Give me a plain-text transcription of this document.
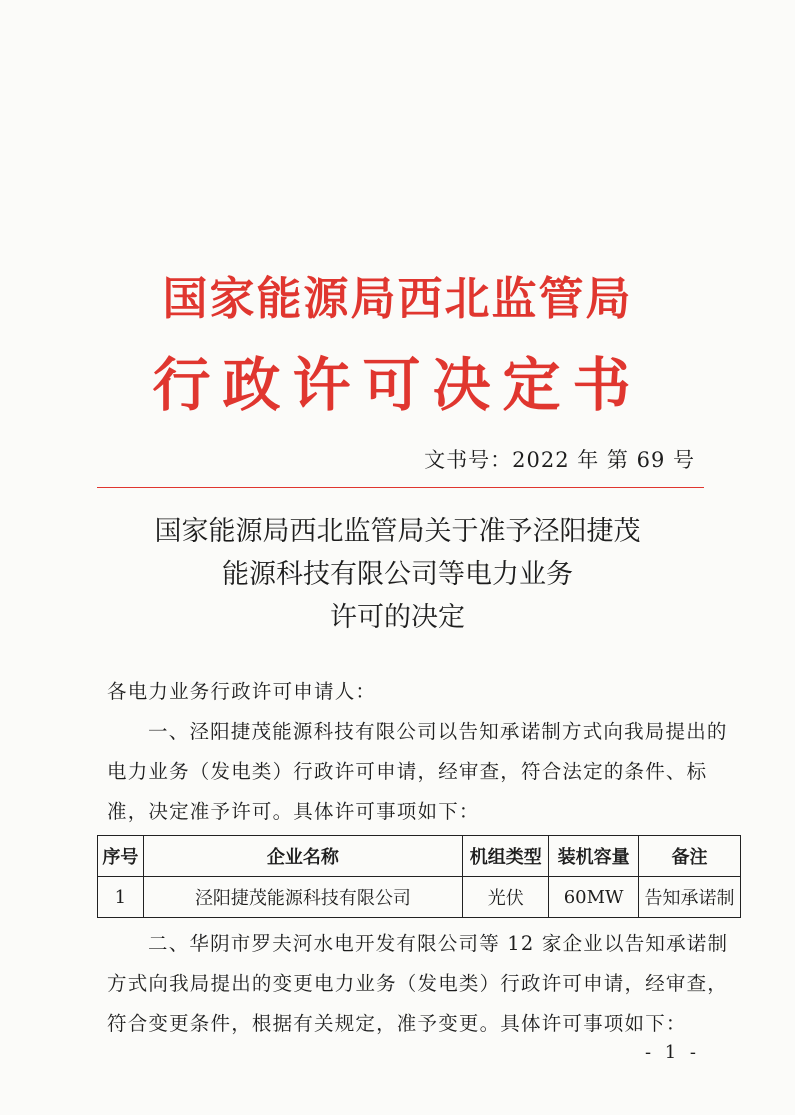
国家能源局西北监管局
行政许可决定书
文书号：2022 年 第 69 号
国家能源局西北监管局关于准予泾阳捷茂
能源科技有限公司等电力业务
许可的决定
各电力业务行政许可申请人：
一、泾阳捷茂能源科技有限公司以告知承诺制方式向我局提出的电力业务（发电类）行政许可申请，经审查，符合法定的条件、标准，决定准予许可。具体许可事项如下：
序号	企业名称	机组类型	装机容量	备注
1	泾阳捷茂能源科技有限公司	光伏	60MW	告知承诺制
二、华阴市罗夫河水电开发有限公司等 12 家企业以告知承诺制方式向我局提出的变更电力业务（发电类）行政许可申请，经审查，符合变更条件，根据有关规定，准予变更。具体许可事项如下：
- 1 -
